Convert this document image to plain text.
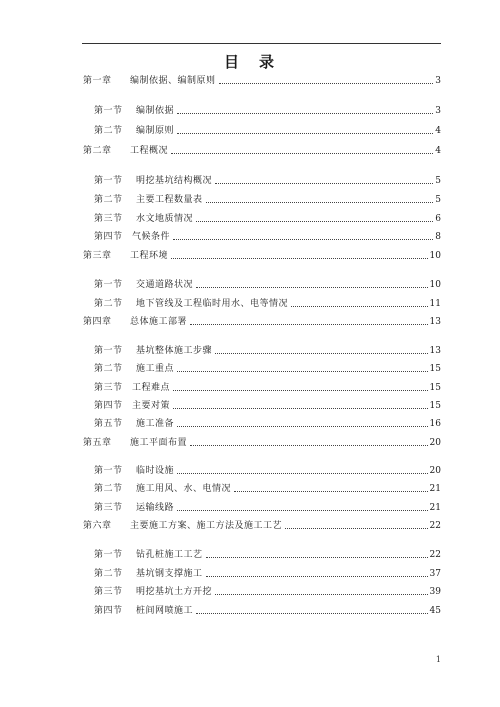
目 录
第一章 编制依据、编制原则	3
第一节 编制依据	3
第二节 编制原则	4
第二章 工程概况	4
第一节 明挖基坑结构概况	5
第二节 主要工程数量表	5
第三节 水文地质情况	6
第四节 气候条件	8
第三章 工程环境	10
第一节 交通道路状况	10
第二节 地下管线及工程临时用水、电等情况	11
第四章 总体施工部署	13
第一节 基坑整体施工步骤	13
第二节 施工重点	15
第三节 工程难点	15
第四节 主要对策	15
第五节 施工准备	16
第五章 施工平面布置	20
第一节 临时设施	20
第二节 施工用风、水、电情况	21
第三节 运输线路	21
第六章 主要施工方案、施工方法及施工工艺	22
第一节 钻孔桩施工工艺	22
第二节 基坑钢支撑施工	37
第三节 明挖基坑土方开挖	39
第四节 桩间网喷施工	45
1
